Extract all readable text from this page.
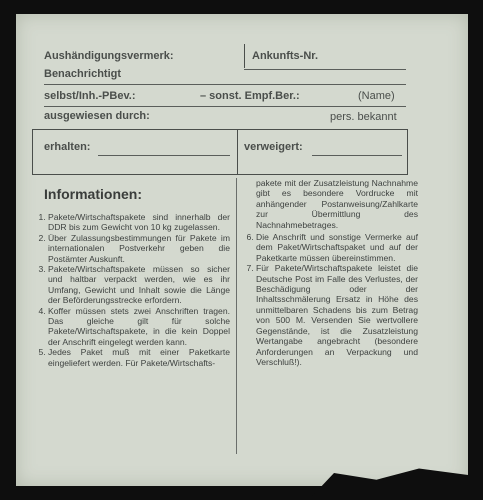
Aushändigungsvermerk:	Ankunfts-Nr.
Benachrichtigt
selbst/Inh.-PBev.:	– sonst. Empf.Ber.:	(Name)
ausgewiesen durch:	pers. bekannt
erhalten:	verweigert:
Informationen:
1. Pakete/Wirtschaftspakete sind innerhalb der DDR bis zum Gewicht von 10 kg zugelassen.
2. Über Zulassungsbestimmungen für Pakete im internationalen Postverkehr geben die Postämter Auskunft.
3. Pakete/Wirtschaftspakete müssen so sicher und haltbar verpackt werden, wie es ihr Umfang, Gewicht und Inhalt sowie die Länge der Beförderungsstrecke erfordern.
4. Koffer müssen stets zwei Anschriften tragen. Das gleiche gilt für solche Pakete/Wirtschaftspakete, in die kein Doppel der Anschrift eingelegt werden kann.
5. Jedes Paket muß mit einer Paketkarte eingeliefert werden. Für Pakete/Wirtschafts-
pakete mit der Zusatzleistung Nachnahme gibt es besondere Vordrucke mit anhängender Postanweisung/Zahlkarte zur Übermittlung des Nachnahmebetrages.
6. Die Anschrift und sonstige Vermerke auf dem Paket/Wirtschaftspaket und auf der Paketkarte müssen übereinstimmen.
7. Für Pakete/Wirtschaftspakete leistet die Deutsche Post im Falle des Verlustes, der Beschädigung oder der Inhaltsschmälerung Ersatz in Höhe des unmittelbaren Schadens bis zum Betrag von 500 M. Versenden Sie wertvollere Gegenstände, ist die Zusatzleistung Wertangabe angebracht (besondere Anforderungen an Verpackung und Verschluß!).
